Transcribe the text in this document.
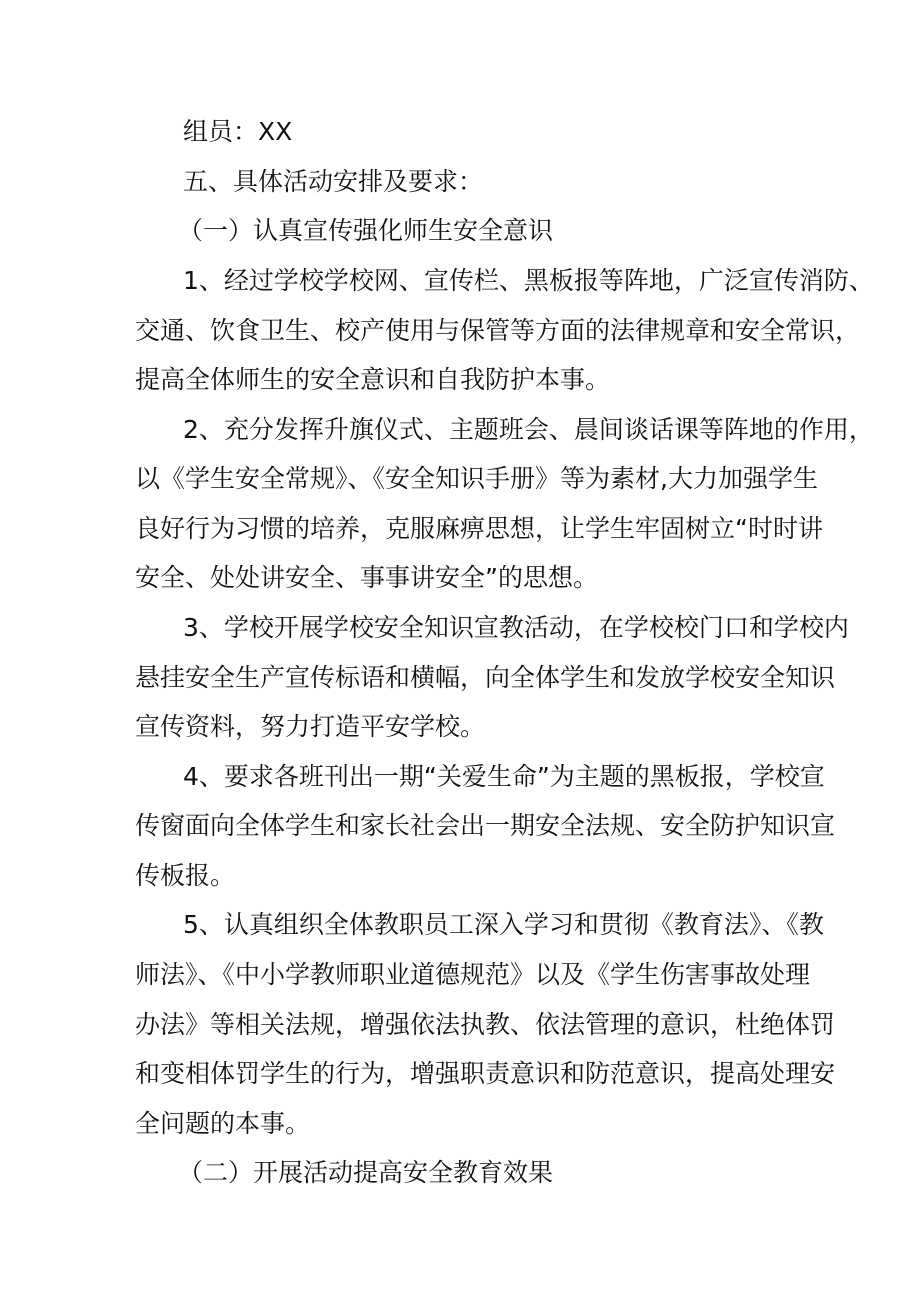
组员：XX
五、具体活动安排及要求：
（一）认真宣传强化师生安全意识
1、经过学校学校网、宣传栏、黑板报等阵地，广泛宣传消防、
交通、饮食卫生、校产使用与保管等方面的法律规章和安全常识，
提高全体师生的安全意识和自我防护本事。
2、充分发挥升旗仪式、主题班会、晨间谈话课等阵地的作用，
以《学生安全常规》、《安全知识手册》等为素材,大力加强学生
良好行为习惯的培养，克服麻痹思想，让学生牢固树立“时时讲
安全、处处讲安全、事事讲安全”的思想。
3、学校开展学校安全知识宣教活动，在学校校门口和学校内
悬挂安全生产宣传标语和横幅，向全体学生和发放学校安全知识
宣传资料，努力打造平安学校。
4、要求各班刊出一期“关爱生命”为主题的黑板报，学校宣
传窗面向全体学生和家长社会出一期安全法规、安全防护知识宣
传板报。
5、认真组织全体教职员工深入学习和贯彻《教育法》、《教
师法》、《中小学教师职业道德规范》以及《学生伤害事故处理
办法》等相关法规，增强依法执教、依法管理的意识，杜绝体罚
和变相体罚学生的行为，增强职责意识和防范意识，提高处理安
全问题的本事。
（二）开展活动提高安全教育效果
